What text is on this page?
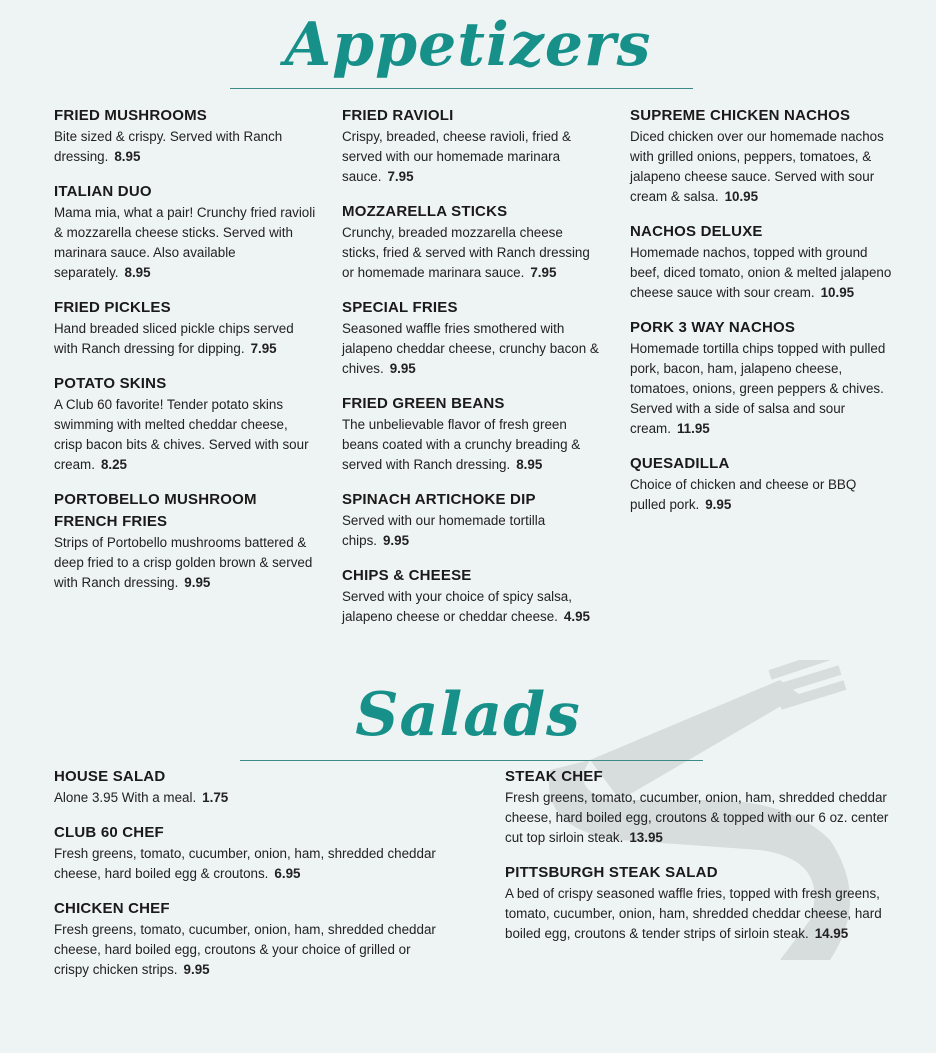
Appetizers
FRIED MUSHROOMS
Bite sized & crispy. Served with Ranch dressing. 8.95
ITALIAN DUO
Mama mia, what a pair! Crunchy fried ravioli & mozzarella cheese sticks. Served with marinara sauce. Also available separately. 8.95
FRIED PICKLES
Hand breaded sliced pickle chips served with Ranch dressing for dipping. 7.95
POTATO SKINS
A Club 60 favorite! Tender potato skins swimming with melted cheddar cheese, crisp bacon bits & chives. Served with sour cream. 8.25
PORTOBELLO MUSHROOM FRENCH FRIES
Strips of Portobello mushrooms battered & deep fried to a crisp golden brown & served with Ranch dressing. 9.95
FRIED RAVIOLI
Crispy, breaded, cheese ravioli, fried & served with our homemade marinara sauce. 7.95
MOZZARELLA STICKS
Crunchy, breaded mozzarella cheese sticks, fried & served with Ranch dressing or homemade marinara sauce. 7.95
SPECIAL FRIES
Seasoned waffle fries smothered with jalapeno cheddar cheese, crunchy bacon & chives. 9.95
FRIED GREEN BEANS
The unbelievable flavor of fresh green beans coated with a crunchy breading & served with Ranch dressing. 8.95
SPINACH ARTICHOKE DIP
Served with our homemade tortilla chips. 9.95
CHIPS & CHEESE
Served with your choice of spicy salsa, jalapeno cheese or cheddar cheese. 4.95
SUPREME CHICKEN NACHOS
Diced chicken over our homemade nachos with grilled onions, peppers, tomatoes, & jalapeno cheese sauce. Served with sour cream & salsa. 10.95
NACHOS DELUXE
Homemade nachos, topped with ground beef, diced tomato, onion & melted jalapeno cheese sauce with sour cream. 10.95
PORK 3 WAY NACHOS
Homemade tortilla chips topped with pulled pork, bacon, ham, jalapeno cheese, tomatoes, onions, green peppers & chives. Served with a side of salsa and sour cream. 11.95
QUESADILLA
Choice of chicken and cheese or BBQ pulled pork. 9.95
Salads
HOUSE SALAD
Alone 3.95 With a meal. 1.75
CLUB 60 CHEF
Fresh greens, tomato, cucumber, onion, ham, shredded cheddar cheese, hard boiled egg & croutons. 6.95
CHICKEN CHEF
Fresh greens, tomato, cucumber, onion, ham, shredded cheddar cheese, hard boiled egg, croutons & your choice of grilled or crispy chicken strips. 9.95
STEAK CHEF
Fresh greens, tomato, cucumber, onion, ham, shredded cheddar cheese, hard boiled egg, croutons & topped with our 6 oz. center cut top sirloin steak. 13.95
PITTSBURGH STEAK SALAD
A bed of crispy seasoned waffle fries, topped with fresh greens, tomato, cucumber, onion, ham, shredded cheddar cheese, hard boiled egg, croutons & tender strips of sirloin steak. 14.95
